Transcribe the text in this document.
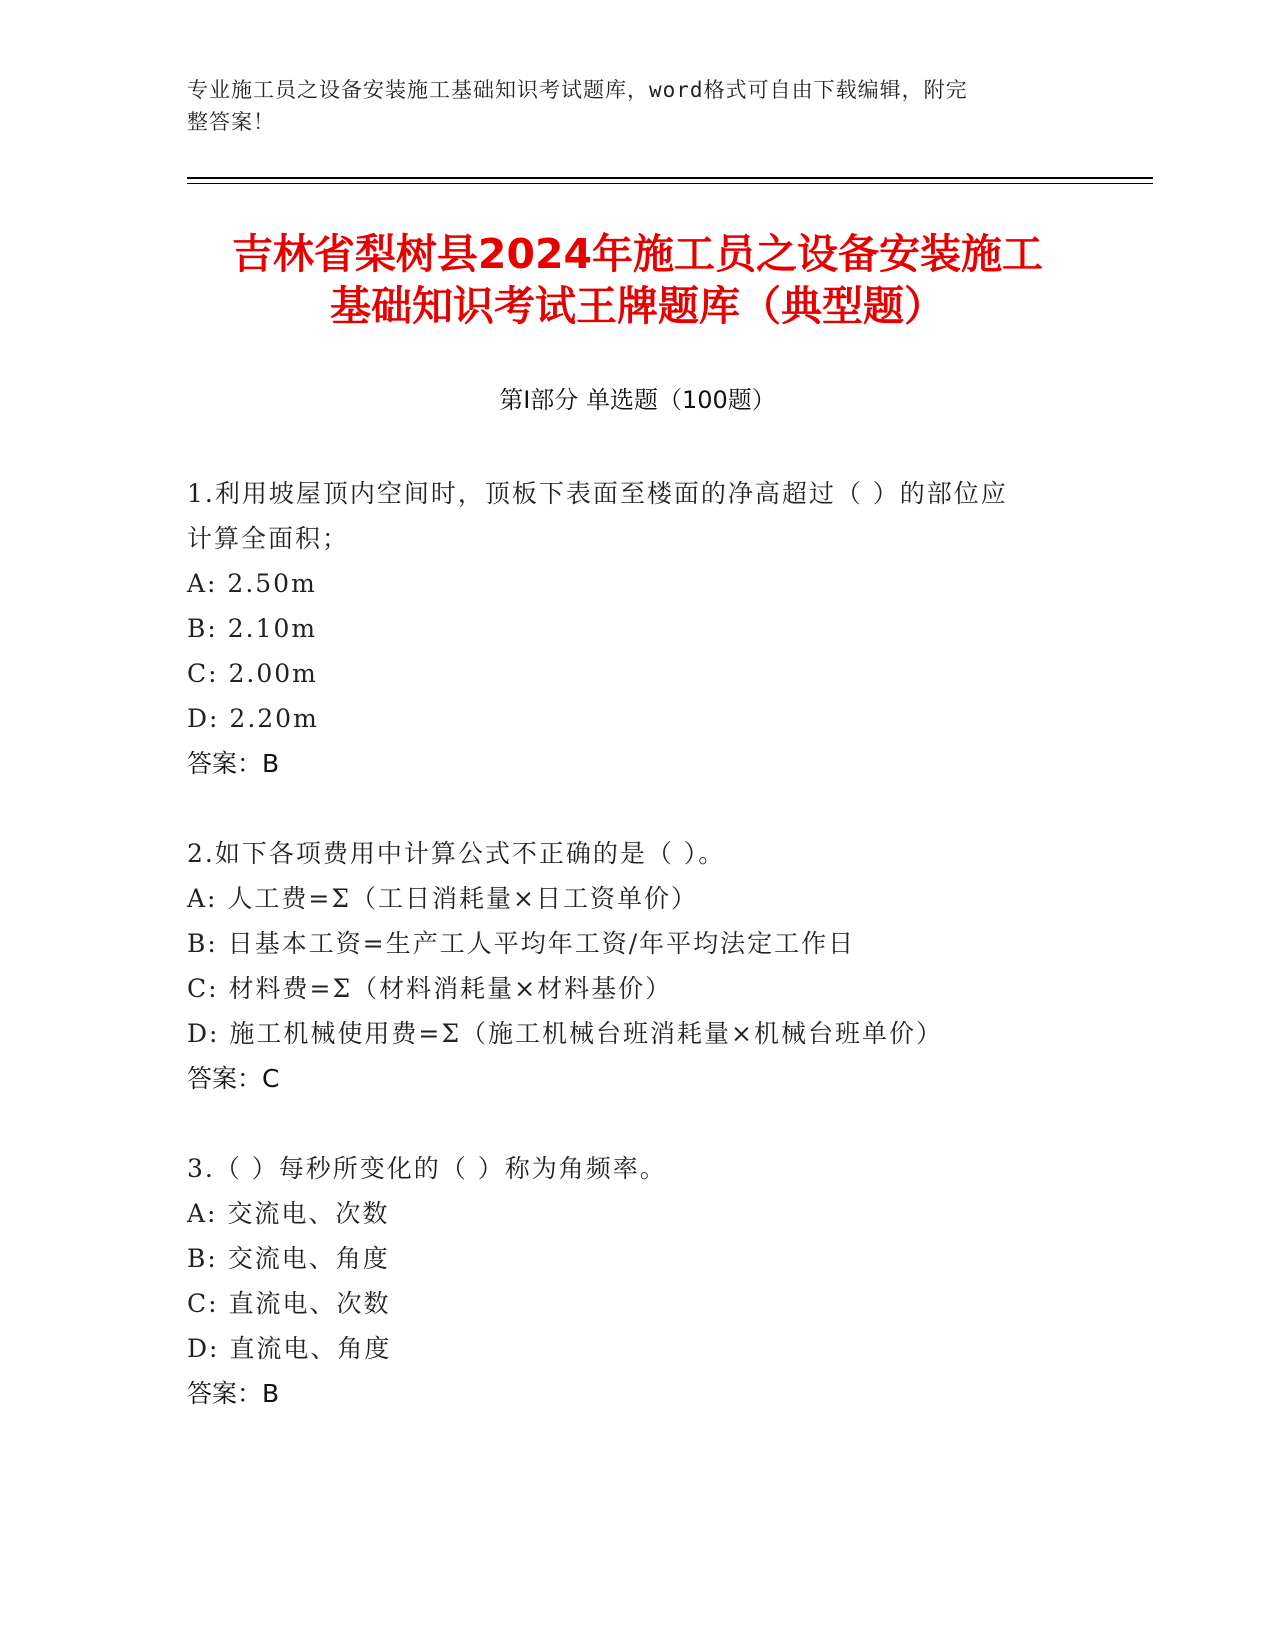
专业施工员之设备安装施工基础知识考试题库，word格式可自由下载编辑，附完
整答案！
吉林省梨树县2024年施工员之设备安装施工
基础知识考试王牌题库（典型题）
第Ⅰ部分 单选题（100题）
1.利用坡屋顶内空间时，顶板下表面至楼面的净高超过（ ）的部位应
计算全面积；
A: 2.50m
B: 2.10m
C: 2.00m
D: 2.20m
答案：B
2.如下各项费用中计算公式不正确的是（ ）。
A: 人工费=Σ（工日消耗量×日工资单价）
B: 日基本工资=生产工人平均年工资/年平均法定工作日
C: 材料费=Σ（材料消耗量×材料基价）
D: 施工机械使用费=Σ（施工机械台班消耗量×机械台班单价）
答案：C
3.（ ）每秒所变化的（ ）称为角频率。
A: 交流电、次数
B: 交流电、角度
C: 直流电、次数
D: 直流电、角度
答案：B
